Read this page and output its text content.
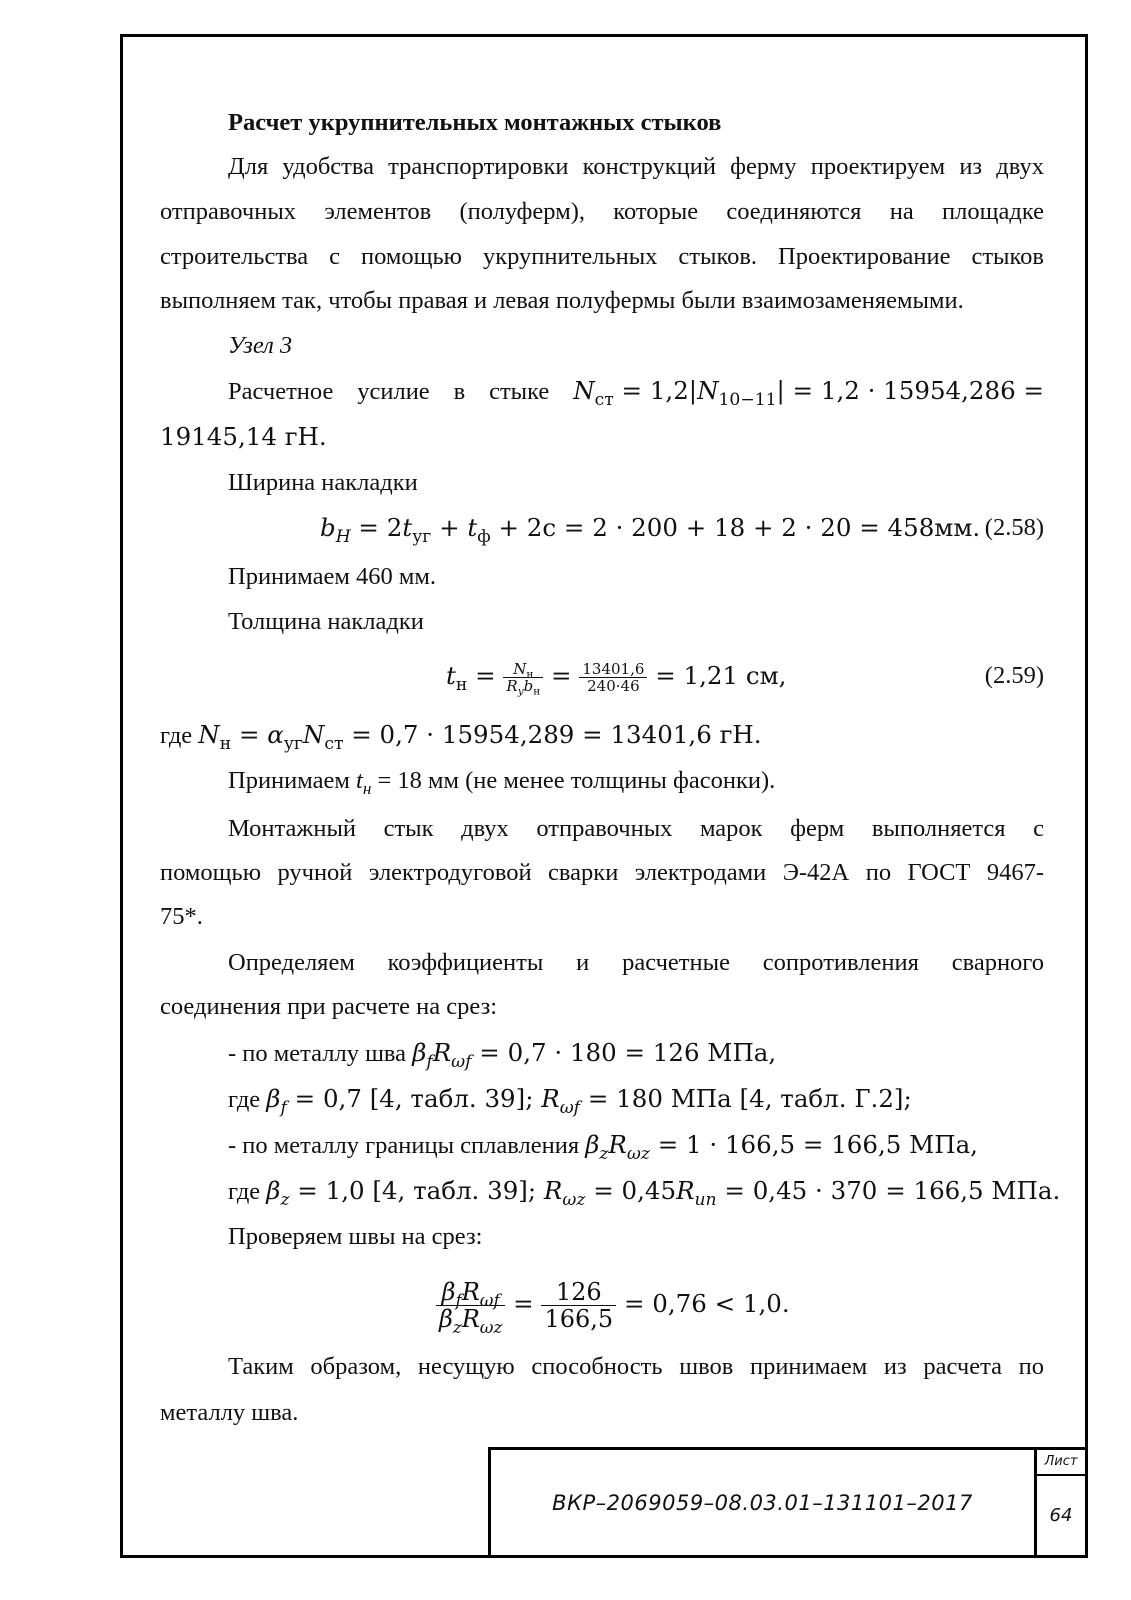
Расчет укрупнительных монтажных стыков
Для удобства транспортировки конструкций ферму проектируем из двух
отправочных элементов (полуферм), которые соединяются на площадке
строительства с помощью укрупнительных стыков. Проектирование стыков
выполняем так, чтобы правая и левая полуфермы были взаимозаменяемыми.
Узел 3
Расчетное усилие в стыке $N_{ст} = 1,2|N_{10-11}| = 1,2 \cdot 15954,286$ =
19145,14 гН.
Ширина накладки
$b_H = 2t_{уг} + t_ф + 2с = 2 \cdot 200 + 18 + 2 \cdot 20 = 458мм$. (2.58)
Принимаем 460 мм.
Толщина накладки
$t_н = \frac{N_н}{R_yb_н} = \frac{13401,6}{240\cdot 46} = 1,21$ см,	(2.59)
где $N_н = \alpha_{уг}N_{ст} = 0,7 \cdot 15954,289 = 13401,6$ гН.
Принимаем $t_н = 18$ мм (не менее толщины фасонки).
Монтажный стык двух отправочных марок ферм выполняется с
помощью ручной электродуговой сварки электродами Э-42А по ГОСТ 9467-
75*.
Определяем коэффициенты и расчетные сопротивления сварного
соединения при расчете на срез:
- по металлу шва $\beta_fR_{\omega f} = 0,7 \cdot 180 = 126$ МПа,
где $\beta_f = 0,7$ [4, табл. 39]; $R_{\omega f} = 180$ МПа [4, табл. Г.2];
- по металлу границы сплавления $\beta_zR_{\omega z} = 1 \cdot 166,5 = 166,5$ МПа,
где $\beta_z = 1,0$ [4, табл. 39]; $R_{\omega z} = 0,45R_{un} = 0,45 \cdot 370 = 166,5$ МПа.
Проверяем швы на срез:
$\frac{\beta_fR_{\omega f}}{\beta_zR_{\omega z}} = \frac{126}{166,5} = 0,76 < 1,0$.
Таким образом, несущую способность швов принимаем из расчета по
металлу шва.
ВКР–2069059–08.03.01–131101–2017
Лист
64
